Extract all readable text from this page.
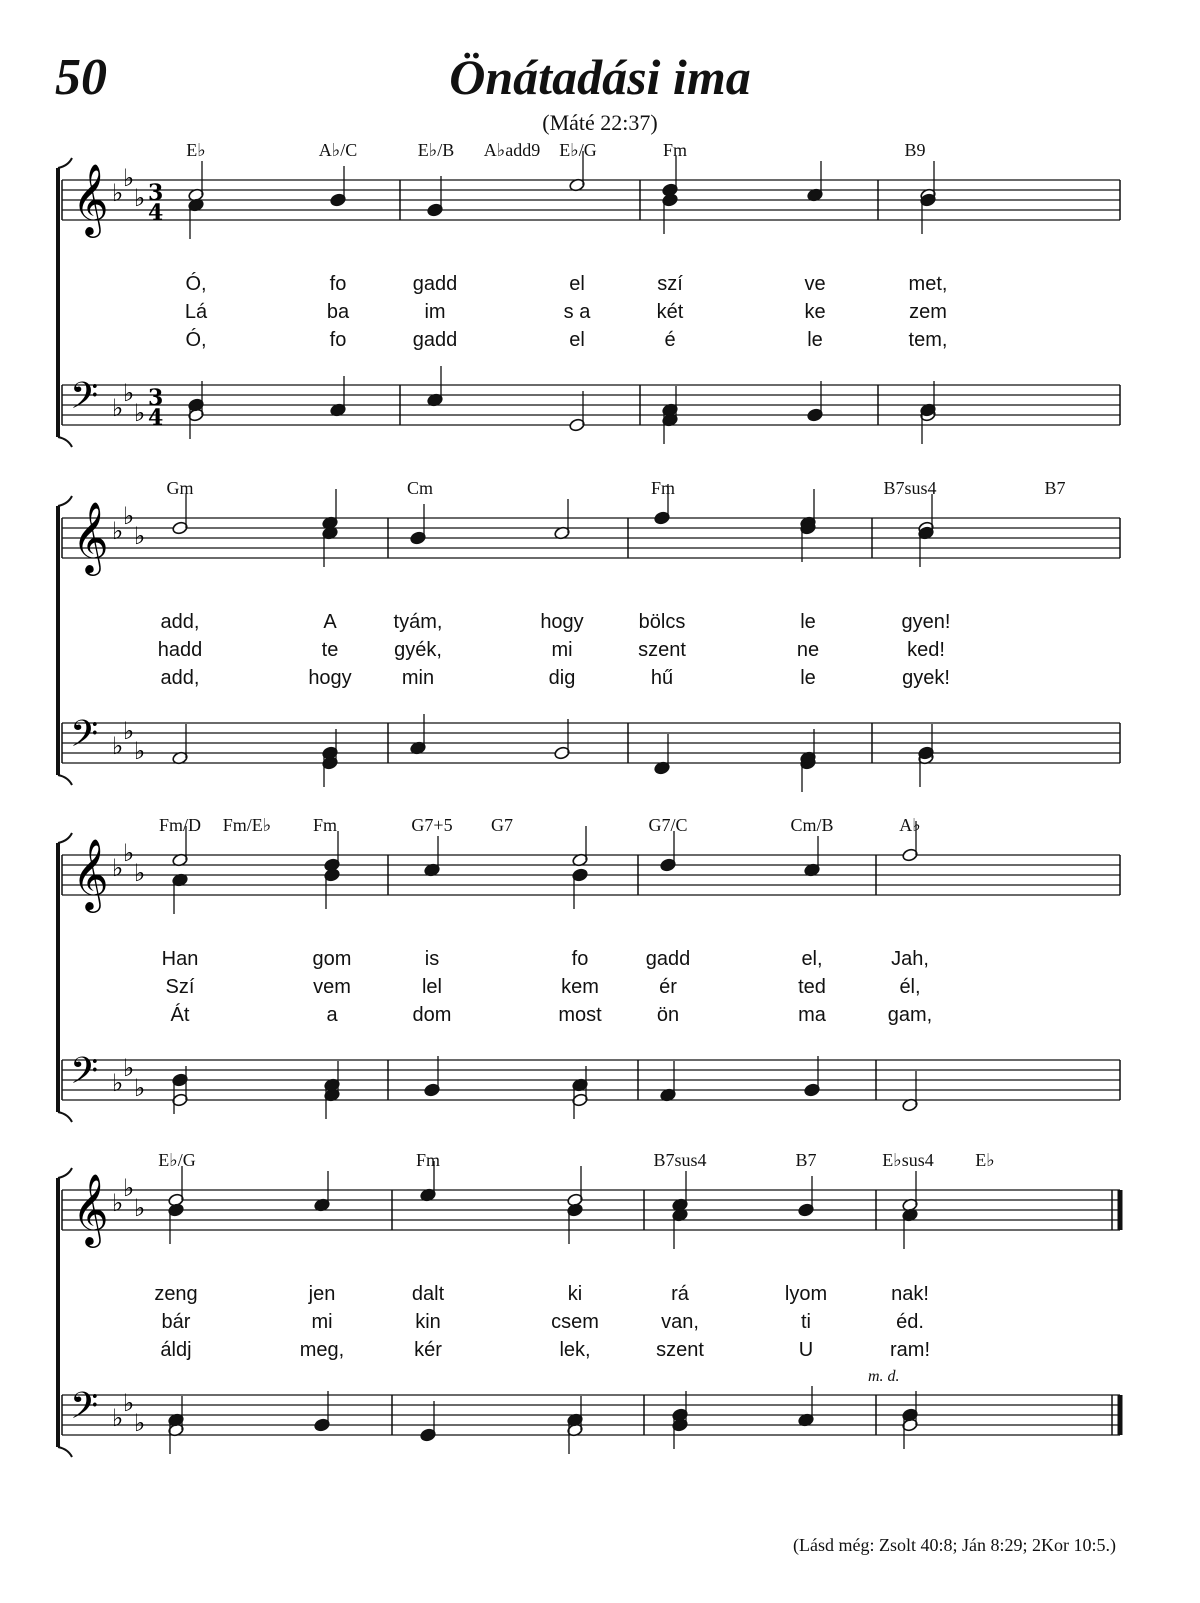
50	Önátadási ima
(Máté 22:37)
𝄞 ♭
♭
♭ 3
4
𝄢 ♭
♭
♭
3
4
E♭	A♭/C	E♭/B A♭add9 E♭/G	Fm	B9
Ó,	fo	gadd	el	szí	ve	met,
Lá	ba	im	s a	két	ke	zem
Ó,	fo	gadd	el	é	le	tem,
𝄞 ♭
♭
♭
𝄢 ♭
♭
♭
Gm	Cm	Fm	B7sus4	B7
add,	A	tyám,	hogy	bölcs	le	gyen!
hadd	te	gyék,	mi	szent	ne	ked!
add,	hogy	min	dig	hű	le	gyek!
𝄞 ♭
♭
♭
𝄢 ♭
♭
♭
Fm/D Fm/E♭ Fm	G7+5 G7	G7/C	Cm/B	A♭
Han	gom	is	fo	gadd	el,	Jah,
Szí	vem	lel	kem	ér	ted	él,
Át	a	dom	most	ön	ma	gam,
𝄞 ♭
♭
♭
𝄢 ♭
♭
♭
E♭/G	Fm	B7sus4	B7	E♭sus4 E♭
zeng	jen	dalt	ki	rá	lyom	nak!
bár	mi	kin	csem	van,	ti	éd.
áldj	meg,	kér	lek,	szent	U	ram!
m. d.
(Lásd még: Zsolt 40:8; Ján 8:29; 2Kor 10:5.)
